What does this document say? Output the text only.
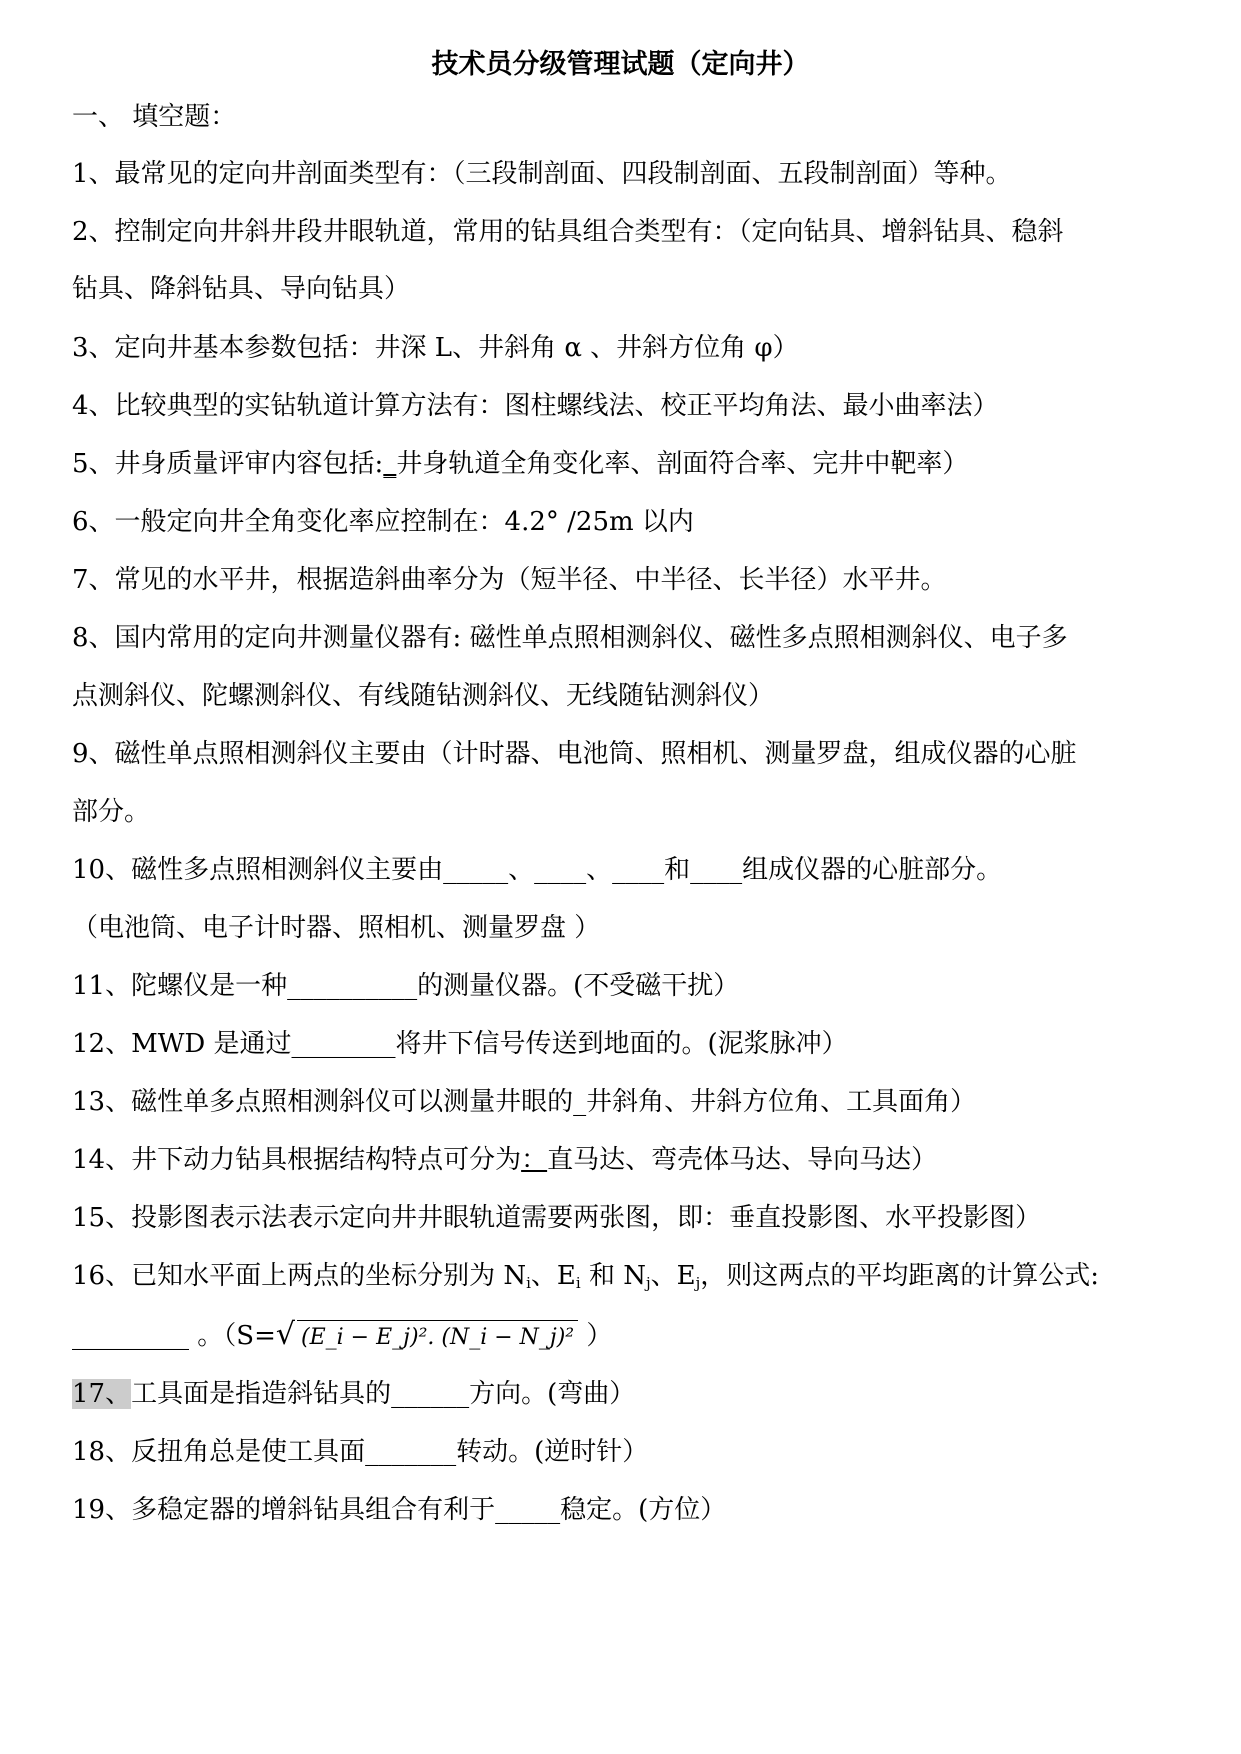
技术员分级管理试题（定向井）
一、 填空题：
1、最常见的定向井剖面类型有：（三段制剖面、四段制剖面、五段制剖面）等种。
2、控制定向井斜井段井眼轨道，常用的钻具组合类型有：（定向钻具、增斜钻具、稳斜
钻具、降斜钻具、导向钻具）
3、定向井基本参数包括：井深 L、井斜角 α 、井斜方位角 φ）
4、比较典型的实钻轨道计算方法有：图柱螺线法、校正平均角法、最小曲率法）
5、井身质量评审内容包括:_井身轨道全角变化率、剖面符合率、完井中靶率）
6、一般定向井全角变化率应控制在：4.2° /25m 以内
7、常见的水平井，根据造斜曲率分为（短半径、中半径、长半径）水平井。
8、国内常用的定向井测量仪器有: 磁性单点照相测斜仪、磁性多点照相测斜仪、电子多
点测斜仪、陀螺测斜仪、有线随钻测斜仪、无线随钻测斜仪）
9、磁性单点照相测斜仪主要由（计时器、电池筒、照相机、测量罗盘，组成仪器的心脏
部分。
10、磁性多点照相测斜仪主要由_____、____、____和____组成仪器的心脏部分。
（电池筒、电子计时器、照相机、测量罗盘 ）
11、陀螺仪是一种__________的测量仪器。(不受磁干扰）
12、MWD 是通过________将井下信号传送到地面的。(泥浆脉冲）
13、磁性单多点照相测斜仪可以测量井眼的_井斜角、井斜方位角、工具面角）
14、井下动力钻具根据结构特点可分为：直马达、弯壳体马达、导向马达）
15、投影图表示法表示定向井井眼轨道需要两张图，即：垂直投影图、水平投影图）
16、已知水平面上两点的坐标分别为 $N_i$、$E_i$ 和 $N_j$、$E_j$，则这两点的平均距离的计算公式:
_________ 。（S=√ (E_i − E_j)². (N_i − N_j)² ）
17、工具面是指造斜钻具的______方向。(弯曲）
18、反扭角总是使工具面_______转动。(逆时针）
19、多稳定器的增斜钻具组合有利于_____稳定。(方位）
